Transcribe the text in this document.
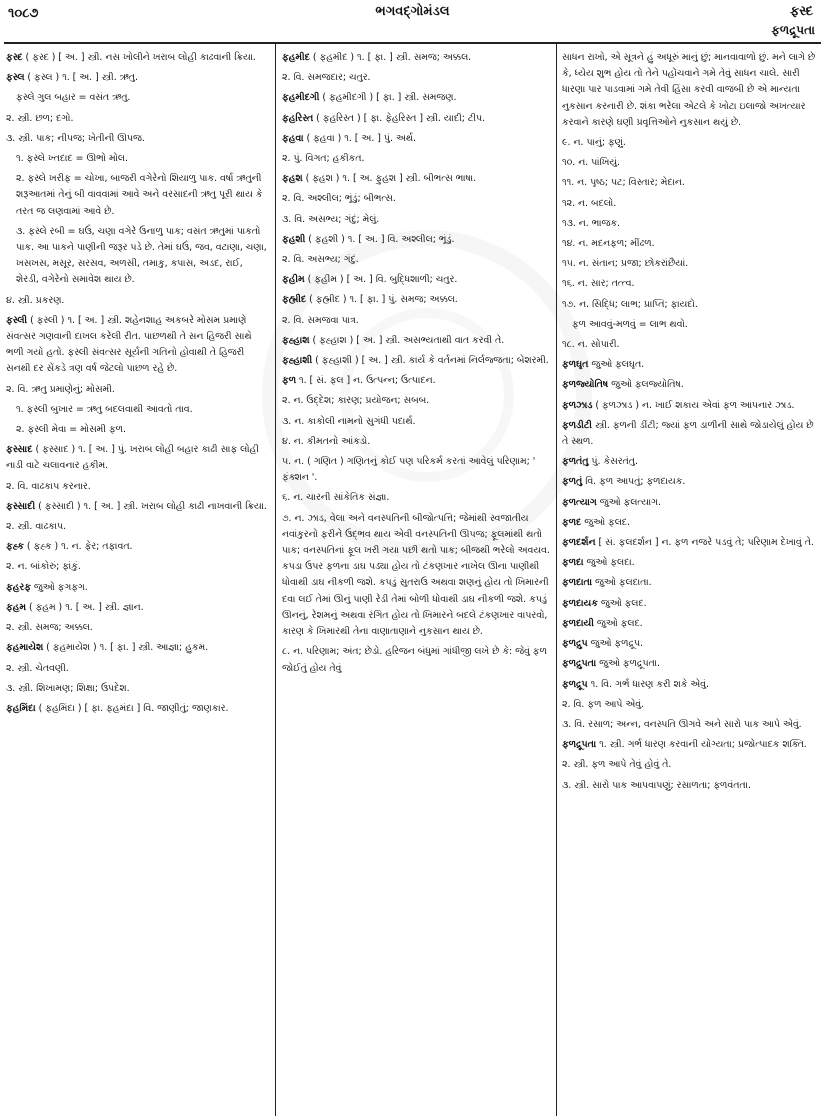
૧૦૮૭	ભગવદ્ગોમંડલ	ફસ્દ
ફળદ્રૂપતા

ફસ્દ ( ફસ્દ ) [ અ. ] સ્ત્રી. નસ ખોલીને ખરાબ લોહી કાઢવાની ક્રિયા.

ફસ્લ ( ફસ્લ ) ૧. [ અ. ] સ્ત્રી. ઋતુ.

ફસ્લે ગુલ બહાર = વસંત ઋતુ.

૨. સ્ત્રી. છળ; દગો.

૩. સ્ત્રી. પાક; નીપજ; ખેતીની ઊપજ.

૧. ફસ્લે ખ્તદાદ = ઊભો મોલ.

૨. ફસ્લે ખરીફ = ચોખા, બાજરી વગેરેનો શિયાળુ પાક. વર્ષા ઋતુની શરૂઆતમાં તેનું બી વાવવામાં આવે અને વરસાદની ઋતુ પૂરી થાય કે તરત જ લણવામાં આવે છે.

૩. ફસ્લે રબી = ઘઉં, ચણા વગેરે ઉનાળુ પાક; વસંત ઋતુમાં પાકતો પાક. આ પાકને પાણીની જરૂર પડે છે. તેમાં ઘઉં, જવ, વટાણા, ચણા, ખસખસ, મસૂર, સરસવ, અળસી, તમાકુ, કપાસ, અડદ, રાઈ, શેરડી, વગેરેનો સમાવેશ થાય છે.

૪. સ્ત્રી. પ્રકરણ.

ફસ્લી ( ફસ્લી ) ૧. [ અ. ] સ્ત્રી. શહેનશાહ અકબરે મોસમ પ્રમાણે સંવત્સર ગણવાની દાખલ કરેલી રીત. પાછળથી તે સન હિજરી સાથે ભળી ગયો હતો. ફસ્લી સંવત્સર સૂર્યની ગતિનો હોવાથી તે હિજરી સનથી દર સેંકડે ત્રણ વર્ષ જેટલો પાછળ રહે છે.

૨. વિ. ઋતુ પ્રમાણેનું; મોસમી.

૧. ફસ્લી બુખાર = ઋતુ બદલવાથી આવતો તાવ.

૨. ફસ્લી મેવા = મોસમી ફળ.

ફસ્સાદ ( ફસ્સાદ ) ૧. [ અ. ] પું. ખરાબ લોહી બહાર કાઢી સાફ લોહી નાડી વાટે ચલાવનાર હકીમ.

૨. વિ. વાઢકાપ કરનાર.

ફસ્સાદી ( ફસ્સાદી ) ૧. [ અ. ] સ્ત્રી. ખરાબ લોહી કાઢી નાખવાની ક્રિયા.

૨. સ્ત્રી. વાઢકાપ.

ફહ્ક ( ફહ્ક ) ૧. ન. ફેર; તફાવત.

૨. ન. બાંકોરું; ફાંકું.

ફહરફ જુઓ ફગફગ.

ફહમ ( ફહમ ) ૧. [ અ. ] સ્ત્રી. જ્ઞાન.

૨. સ્ત્રી. સમજ; અક્કલ.

ફહમાયેશ ( ફહમાયેશ ) ૧. [ ફા. ] સ્ત્રી. આજ્ઞા; હુકમ.

૨. સ્ત્રી. ચેતવણી.

૩. સ્ત્રી. શિખામણ; શિક્ષા; ઉપદેશ.

ફહમિંદા ( ફહમિંદા ) [ ફા. ફહમંદા ] વિ. જાણીતું; જાણકાર.

ફહમીદ ( ફહમીદ ) ૧. [ ફા. ] સ્ત્રી. સમજ; અક્કલ.

૨. વિ. સમજદાર; ચતુર.

ફહમીદગી ( ફહમીદગી ) [ ફા. ] સ્ત્રી. સમજણ.

ફહરિસ્ત ( ફહરિસ્ત ) [ ફા. ફેહરિસ્ત ] સ્ત્રી. યાદી; ટીપ.

ફહવા ( ફહવા ) ૧. [ અ. ] પું. અર્થ.

૨. પું. વિગત; હકીકત.

ફહશ ( ફહશ ) ૧. [ અ. ફુહશ ] સ્ત્રી. બીભત્સ ભાષા.

૨. વિ. અશ્લીલ; ભૂંડું; બીભત્સ.

૩. વિ. અસભ્ય; ગંદું; મેલું.

ફહશી ( ફહશી ) ૧. [ અ. ] વિ. અશ્લીલ; ભૂંડું.

૨. વિ. અસભ્ય; ગંદું.

ફહીમ ( ફહીમ ) [ અ. ] વિ. બુદ્ધિશાળી; ચતુર.

ફહ્મીદ ( ફહ્મીદ ) ૧. [ ફા. ] પું. સમજ; અક્કલ.

૨. વિ. સમજવા પાત્ર.

ફહ્હાશ ( ફહ્હાશ ) [ અ. ] સ્ત્રી. અસભ્યતાથી વાત કરવી તે.

ફહ્હાશી ( ફહ્હાશી ) [ અ. ] સ્ત્રી. કાર્ય કે વર્તનમાં નિર્લજ્જતા; બેશરમી.

ફળ ૧. [ સં. ફલ ] ન. ઉત્પન્ન; ઉત્પાદન.

૨. ન. ઉદ્દેશ; કારણ; પ્રયોજન; સબબ.

૩. ન. કાકોલી નામનો સુગંધી પદાર્થ.

૪. ન. કીમતનો આંકડો.

૫. ન. ( ગણિત ) ગણિતનું કોઈ પણ પરિકર્મ કરતાં આવેલું પરિણામ; ' ફંક્શન '.

૬. ન. ચારની સાંકેતિક સંજ્ઞા.

૭. ન. ઝાડ, વેલા અને વનસ્પતિની બીજોત્પત્તિ; જેમાંથી સ્વજાતીય નવાંકુરનો ફરીને ઉદ્ભવ થાય એવી વનસ્પતિની ઊપજ; ફૂલમાંથી થતો પાક; વનસ્પતિનાં ફૂલ ખરી ગયા પછી થતો પાક; બીજથી ભરેલો અવયવ. કપડા ઉપર ફળના ડાઘ પડ્યા હોય તો ટંકણખાર નાખેલ ઊના પાણીથી ધોવાથી ડાઘ નીકળી જશે. કપડું સુતરાઉ અથવા શણનું હોય તો ખિમારની દવા લઈ તેમાં ઊનું પાણી રેડી તેમાં બોળી ધોવાથી ડાઘ નીકળી જશે. કપડું ઊનનું, રેશમનું અથવા રંગિત હોય તો ખિમારને બદલે ટંકણખાર વાપરવો, કારણ કે ખિમારથી તેના વાણાતાણાને નુકસાન થાય છે.

૮. ન. પરિણામ; અંત; છેડો. હરિજન બંધુમાં ગાંધીજી લખે છે કે: જેવું ફળ જોઈતું હોય તેવું

સાધન રાખો, એ સૂત્રને હું અધૂરું માનું છું; માનવાવાળો છું. મને લાગે છે કે, ધ્યેય શુભ હોય તો તેને પહોંચવાને ગમે તેવું સાધન ચાલે. સારી ધારણા પાર પાડવામાં ગમે તેવી હિંસા કરવી વાજબી છે એ માન્યતા નુકસાન કરનારી છે. શંકા ભરેલા એટલે કે ખોટા ઇલાજો અખત્યાર કરવાને કારણે ઘણી પ્રવૃત્તિઓને નુકસાન થયું છે.

૯. ન. પાનું; ફણું.

૧૦. ન. પાંખિયું.

૧૧. ન. પૃષ્ઠ; પટ; વિસ્તાર; મેદાન.

૧૨. ન. બદલો.

૧૩. ન. ભાજક.

૧૪. ન. મદનફળ; મીંઢળ.

૧૫. ન. સંતાન; પ્રજા; છોકરાંછૈયાં.

૧૬. ન. સાર; તત્ત્વ.

૧૭. ન. સિદ્ધિ; લાભ; પ્રાપ્તિ; ફાયદો.

ફળ આવવું-મળવું = લાભ થવો.

૧૮. ન. સોપારી.

ફળઘૃત જુઓ ફલઘૃત.

ફળજ્યોતિષ જુઓ ફલજ્યોતિષ.

ફળઝાડ ( ફળઝાડ ) ન. ખાઈ શકાય એવાં ફળ આપનાર ઝાડ.

ફળડીટી સ્ત્રી. ફળની ડીંટી; જ્યાં ફળ ડાળીની સાથે જોડાયેલું હોય છે તે સ્થળ.

ફળતંતુ પું. કેસરતંતુ.

ફળતું વિ. ફળ આપતું; ફળદાયક.

ફળત્યાગ જુઓ ફલત્યાગ.

ફળદ જુઓ ફલદ.

ફળદર્શન [ સં. ફલદર્શન ] ન. ફળ નજરે પડવું તે; પરિણામ દેખાવું તે.

ફળદા જુઓ ફલદા.

ફળદાતા જુઓ ફલદાતા.

ફળદાયક જુઓ ફલદ.

ફળદાયી જુઓ ફલદ.

ફળદ્રુપ જુઓ ફળદ્રૂપ.

ફળદ્રુપતા જુઓ ફળદ્રૂપતા.

ફળદ્રૂપ ૧. વિ. ગર્ભ ધારણ કરી શકે એવું.

૨. વિ. ફળ આપે એવું.

૩. વિ. રસાળ; અન્ન, વનસ્પતિ ઊગવે અને સારો પાક આપે એવું.

ફળદ્રૂપતા ૧. સ્ત્રી. ગર્ભ ધારણ કરવાની યોગ્યતા; પ્રજોત્પાદક શક્તિ.

૨. સ્ત્રી. ફળ આપે તેવું હોવું તે.

૩. સ્ત્રી. સારો પાક આપવાપણું; રસાળતા; ફળવંતતા.
